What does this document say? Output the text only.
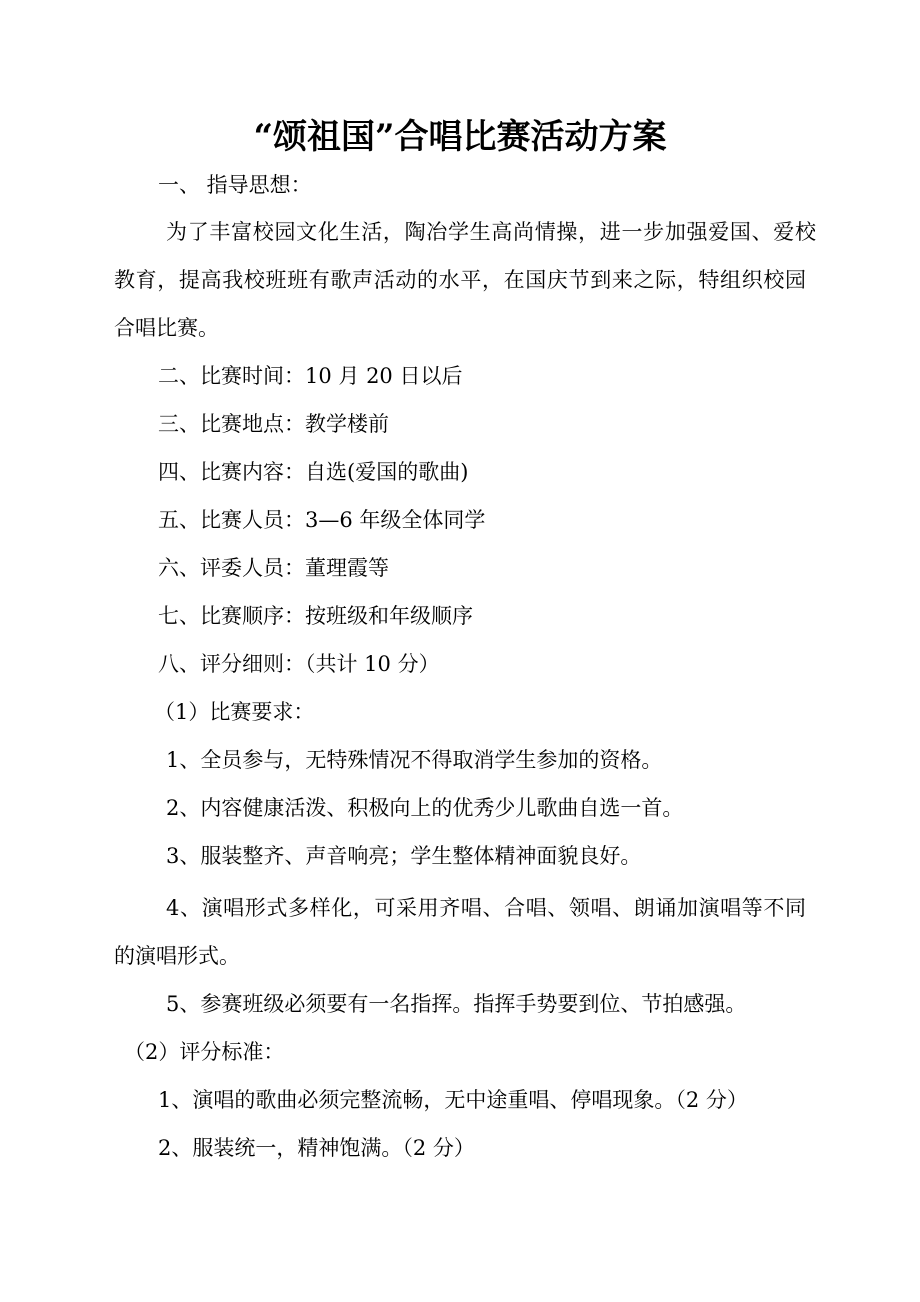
“颂祖国”合唱比赛活动方案
一、 指导思想：
为了丰富校园文化生活，陶冶学生高尚情操，进一步加强爱国、爱校
教育，提高我校班班有歌声活动的水平，在国庆节到来之际，特组织校园
合唱比赛。
二、比赛时间：10 月 20 日以后
三、比赛地点：教学楼前
四、比赛内容：自选(爱国的歌曲)
五、比赛人员：3—6 年级全体同学
六、评委人员：董理霞等
七、比赛顺序：按班级和年级顺序
八、评分细则：（共计 10 分）
（1）比赛要求：
1、全员参与，无特殊情况不得取消学生参加的资格。
2、内容健康活泼、积极向上的优秀少儿歌曲自选一首。
3、服装整齐、声音响亮；学生整体精神面貌良好。
4、演唱形式多样化，可采用齐唱、合唱、领唱、朗诵加演唱等不同
的演唱形式。
5、参赛班级必须要有一名指挥。指挥手势要到位、节拍感强。
（2）评分标准：
1、演唱的歌曲必须完整流畅，无中途重唱、停唱现象。（2 分）
2、服装统一，精神饱满。（2 分）
